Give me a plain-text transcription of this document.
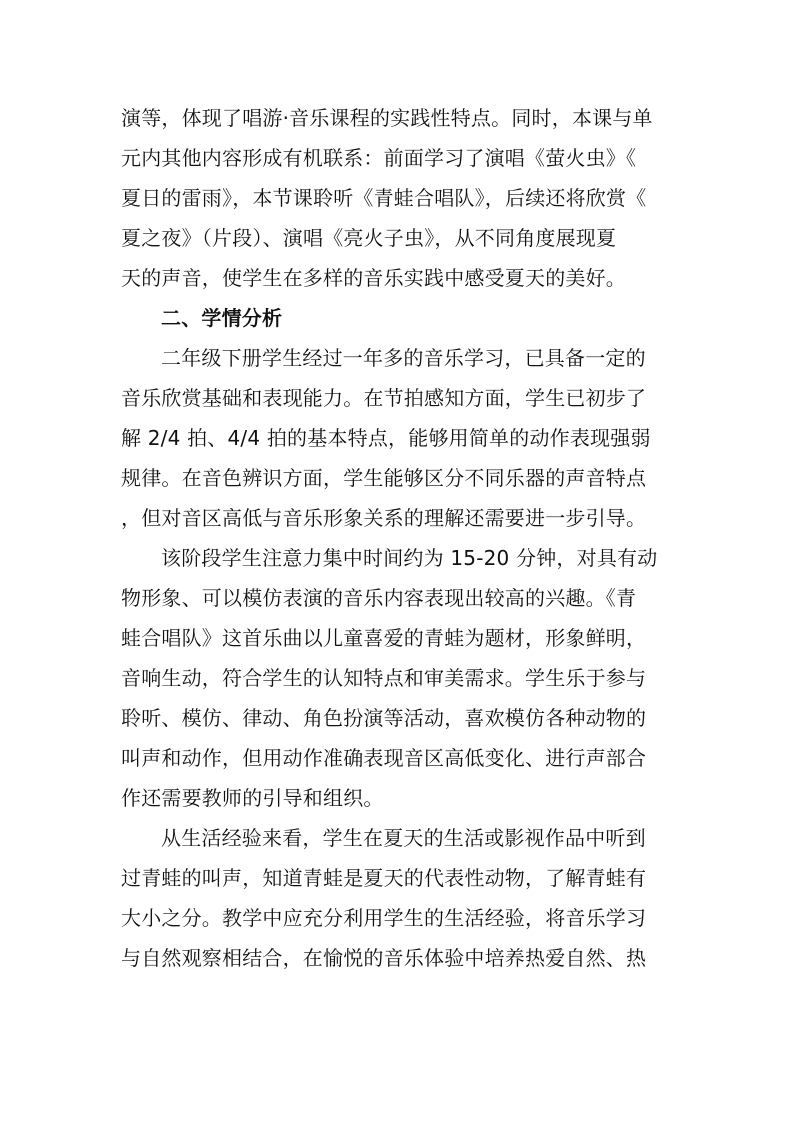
演等，体现了唱游·音乐课程的实践性特点。同时，本课与单
元内其他内容形成有机联系：前面学习了演唱《萤火虫》《
夏日的雷雨》，本节课聆听《青蛙合唱队》，后续还将欣赏《
夏之夜》（片段）、演唱《亮火子虫》，从不同角度展现夏
天的声音，使学生在多样的音乐实践中感受夏天的美好。
二、学情分析
二年级下册学生经过一年多的音乐学习，已具备一定的
音乐欣赏基础和表现能力。在节拍感知方面，学生已初步了
解 2/4 拍、4/4 拍的基本特点，能够用简单的动作表现强弱
规律。在音色辨识方面，学生能够区分不同乐器的声音特点
，但对音区高低与音乐形象关系的理解还需要进一步引导。
该阶段学生注意力集中时间约为 15-20 分钟，对具有动
物形象、可以模仿表演的音乐内容表现出较高的兴趣。《青
蛙合唱队》这首乐曲以儿童喜爱的青蛙为题材，形象鲜明，
音响生动，符合学生的认知特点和审美需求。学生乐于参与
聆听、模仿、律动、角色扮演等活动，喜欢模仿各种动物的
叫声和动作，但用动作准确表现音区高低变化、进行声部合
作还需要教师的引导和组织。
从生活经验来看，学生在夏天的生活或影视作品中听到
过青蛙的叫声，知道青蛙是夏天的代表性动物，了解青蛙有
大小之分。教学中应充分利用学生的生活经验，将音乐学习
与自然观察相结合，在愉悦的音乐体验中培养热爱自然、热
